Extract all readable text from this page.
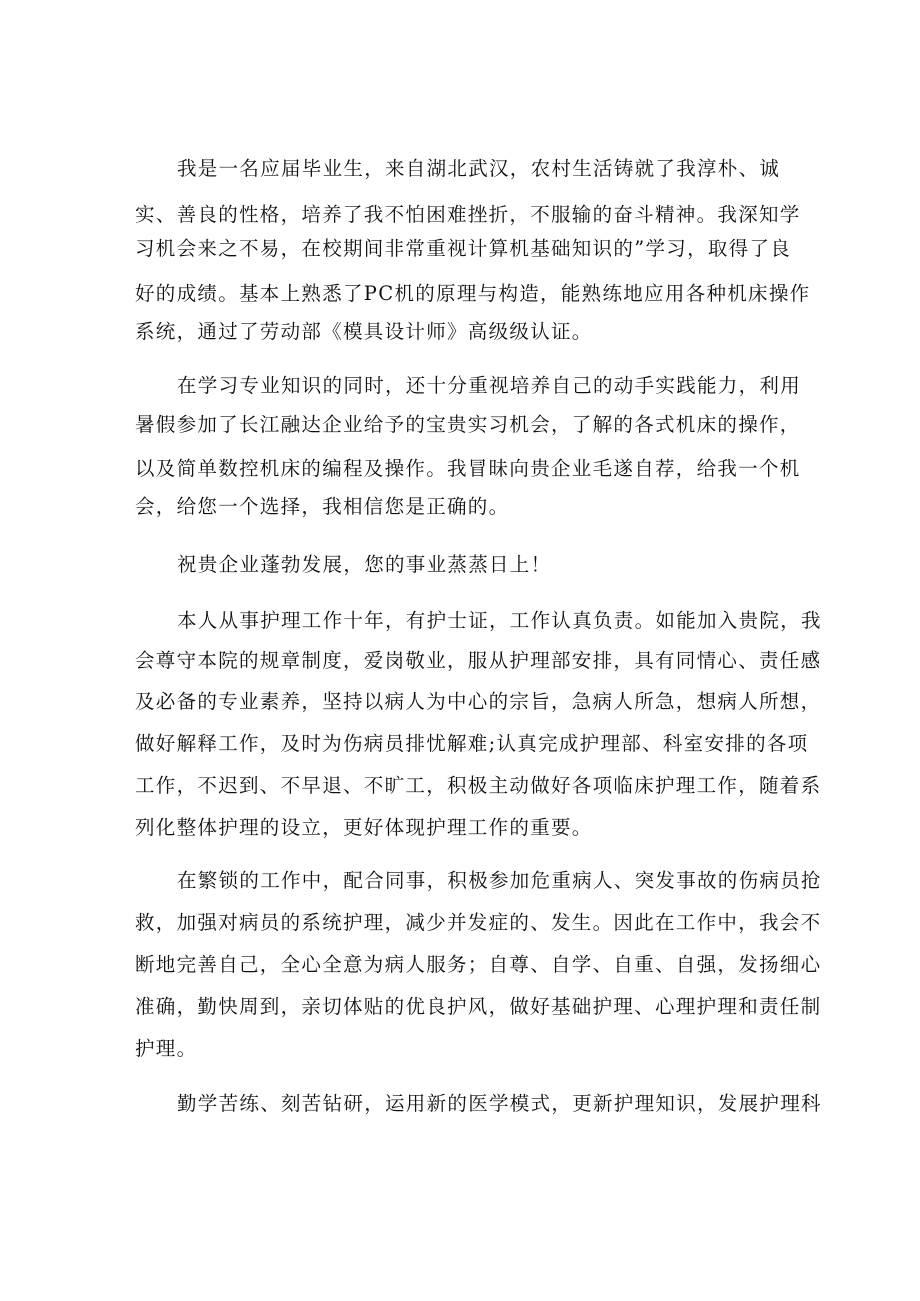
我是一名应届毕业生，来自湖北武汉，农村生活铸就了我淳朴、诚
实、善良的性格，培养了我不怕困难挫折，不服输的奋斗精神。我深知学
习机会来之不易，在校期间非常重视计算机基础知识的”学习，取得了良
好的成绩。基本上熟悉了PC机的原理与构造，能熟练地应用各种机床操作
系统，通过了劳动部《模具设计师》高级级认证。
在学习专业知识的同时，还十分重视培养自己的动手实践能力，利用
暑假参加了长江融达企业给予的宝贵实习机会，了解的各式机床的操作，
以及简单数控机床的编程及操作。我冒昧向贵企业毛遂自荐，给我一个机
会，给您一个选择，我相信您是正确的。
祝贵企业蓬勃发展，您的事业蒸蒸日上！
本人从事护理工作十年，有护士证，工作认真负责。如能加入贵院，我
会尊守本院的规章制度，爱岗敬业，服从护理部安排，具有同情心、责任感
及必备的专业素养，坚持以病人为中心的宗旨，急病人所急，想病人所想，
做好解释工作，及时为伤病员排忧解难;认真完成护理部、科室安排的各项
工作，不迟到、不早退、不旷工，积极主动做好各项临床护理工作，随着系
列化整体护理的设立，更好体现护理工作的重要。
在繁锁的工作中，配合同事，积极参加危重病人、突发事故的伤病员抢
救，加强对病员的系统护理，减少并发症的、发生。因此在工作中，我会不
断地完善自己，全心全意为病人服务；自尊、自学、自重、自强，发扬细心
准确，勤快周到，亲切体贴的优良护风，做好基础护理、心理护理和责任制
护理。
勤学苦练、刻苦钻研，运用新的医学模式，更新护理知识，发展护理科
